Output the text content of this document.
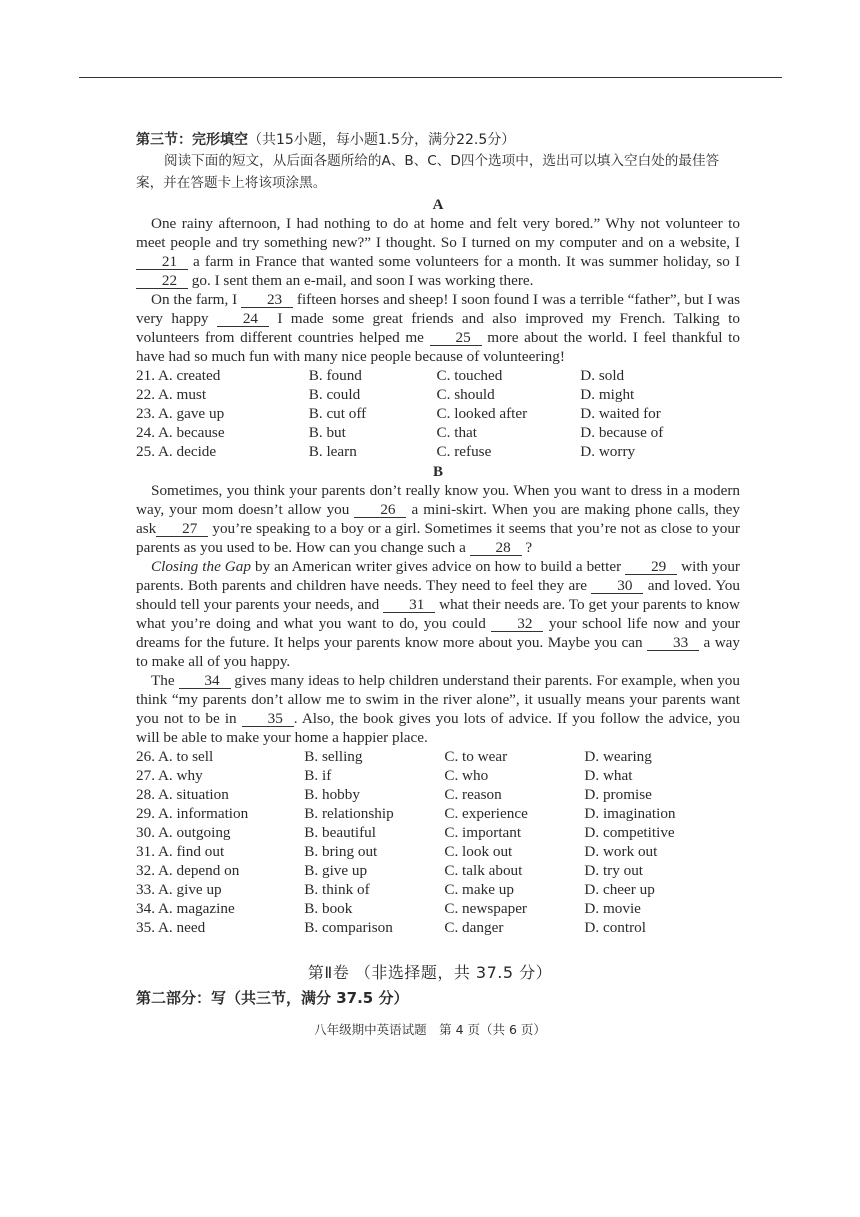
第三节：完形填空（共15小题，每小题1.5分，满分22.5分）

阅读下面的短文，从后面各题所给的A、B、C、D四个选项中，选出可以填入空白处的最佳答案，并在答题卡上将该项涂黑。

A

One rainy afternoon, I had nothing to do at home and felt very bored.” Why not volunteer to meet people and try something new?” I thought. So I turned on my computer and on a website, I 21 a farm in France that wanted some volunteers for a month. It was summer holiday, so I 22 go. I sent them an e-mail, and soon I was working there.

On the farm, I 23 fifteen horses and sheep! I soon found I was a terrible “father”, but I was very happy 24 I made some great friends and also improved my French. Talking to volunteers from different countries helped me 25 more about the world. I feel thankful to have had so much fun with many nice people because of volunteering!

21. A. created	B. found	C. touched	D. sold
22. A. must	B. could	C. should	D. might
23. A. gave up	B. cut off	C. looked after	D. waited for
24. A. because	B. but	C. that	D. because of
25. A. decide	B. learn	C. refuse	D. worry
B

Sometimes, you think your parents don’t really know you. When you want to dress in a modern way, your mom doesn’t allow you 26 a mini-skirt. When you are making phone calls, they ask 27 you’re speaking to a boy or a girl. Sometimes it seems that you’re not as close to your parents as you used to be. How can you change such a 28 ?

Closing the Gap by an American writer gives advice on how to build a better 29 with your parents. Both parents and children have needs. They need to feel they are 30 and loved. You should tell your parents your needs, and 31 what their needs are. To get your parents to know what you’re doing and what you want to do, you could 32 your school life now and your dreams for the future. It helps your parents know more about you. Maybe you can 33 a way to make all of you happy.

The 34 gives many ideas to help children understand their parents. For example, when you think “my parents don’t allow me to swim in the river alone”, it usually means your parents want you not to be in 35 . Also, the book gives you lots of advice. If you follow the advice, you will be able to make your home a happier place.

26. A. to sell	B. selling	C. to wear	D. wearing
27. A. why	B. if	C. who	D. what
28. A. situation	B. hobby	C. reason	D. promise
29. A. information	B. relationship	C. experience	D. imagination
30. A. outgoing	B. beautiful	C. important	D. competitive
31. A. find out	B. bring out	C. look out	D. work out
32. A. depend on	B. give up	C. talk about	D. try out
33. A. give up	B. think of	C. make up	D. cheer up
34. A. magazine	B. book	C. newspaper	D. movie
35. A. need	B. comparison	C. danger	D. control
第Ⅱ卷 （非选择题，共 37.5 分）
第二部分：写（共三节，满分 37.5 分）
八年级期中英语试题　第 4 页（共 6 页）
